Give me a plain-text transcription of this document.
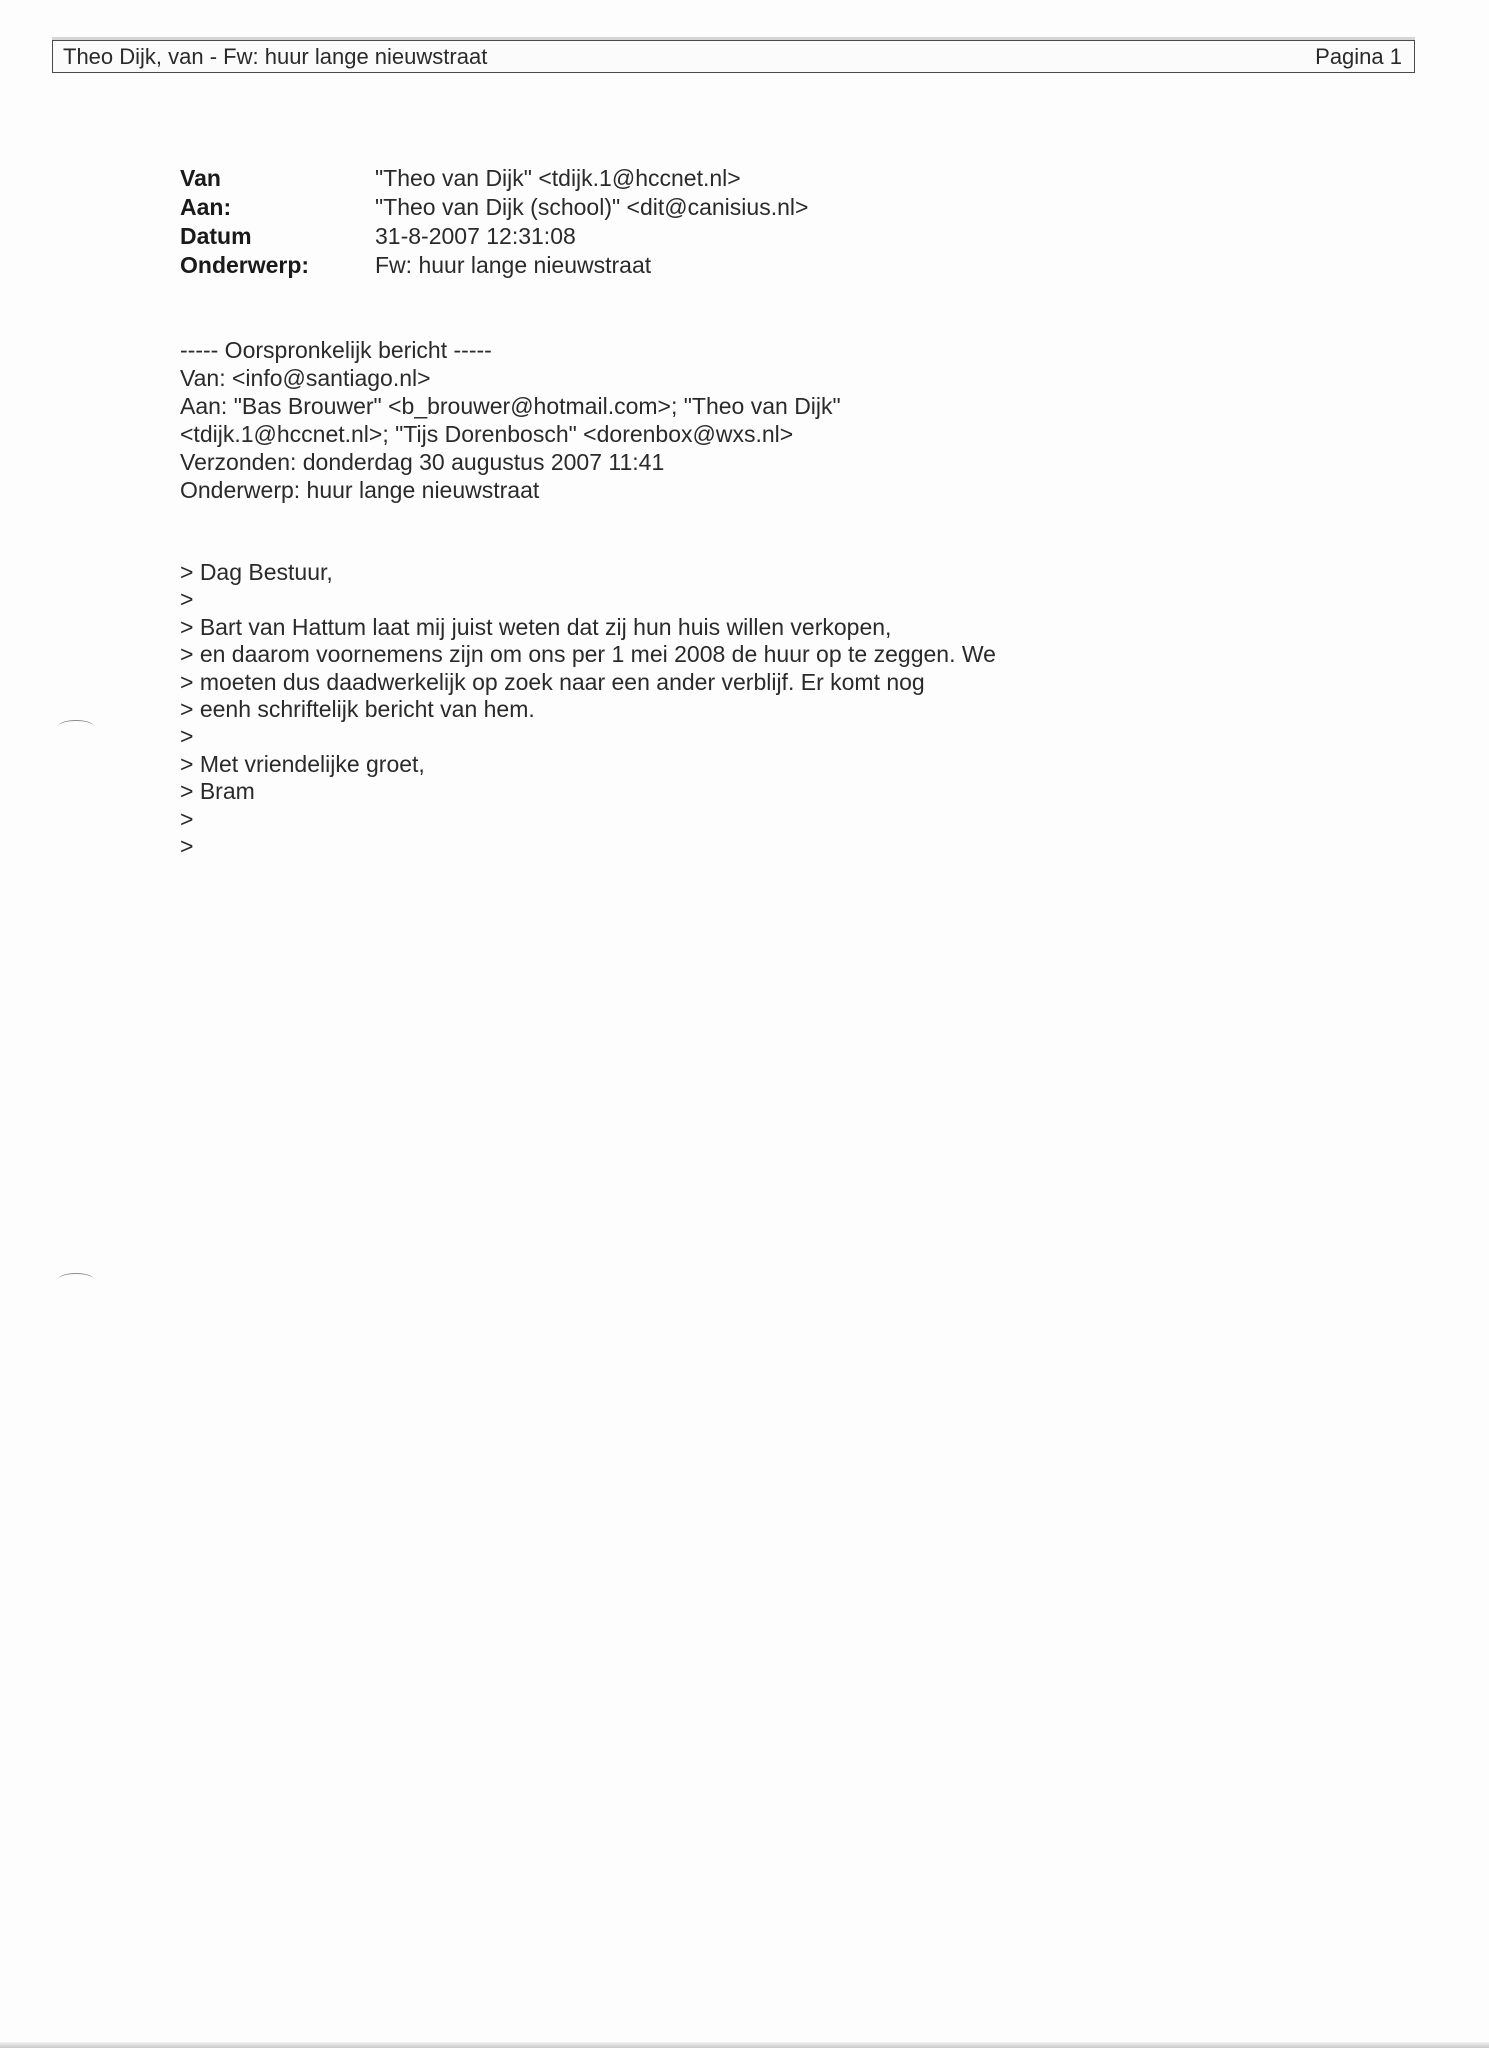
Theo Dijk, van - Fw: huur lange nieuwstraat	Pagina 1
Van	"Theo van Dijk" <tdijk.1@hccnet.nl>
Aan:	"Theo van Dijk (school)" <dit@canisius.nl>
Datum	31-8-2007 12:31:08
Onderwerp:	Fw: huur lange nieuwstraat
----- Oorspronkelijk bericht -----
Van: <info@santiago.nl>
Aan: "Bas Brouwer" <b_brouwer@hotmail.com>; "Theo van Dijk"
<tdijk.1@hccnet.nl>; "Tijs Dorenbosch" <dorenbox@wxs.nl>
Verzonden: donderdag 30 augustus 2007 11:41
Onderwerp: huur lange nieuwstraat
> Dag Bestuur,
>
> Bart van Hattum laat mij juist weten dat zij hun huis willen verkopen,
> en daarom voornemens zijn om ons per 1 mei 2008 de huur op te zeggen. We
> moeten dus daadwerkelijk op zoek naar een ander verblijf. Er komt nog
> eenh schriftelijk bericht van hem.
>
> Met vriendelijke groet,
> Bram
>
>
